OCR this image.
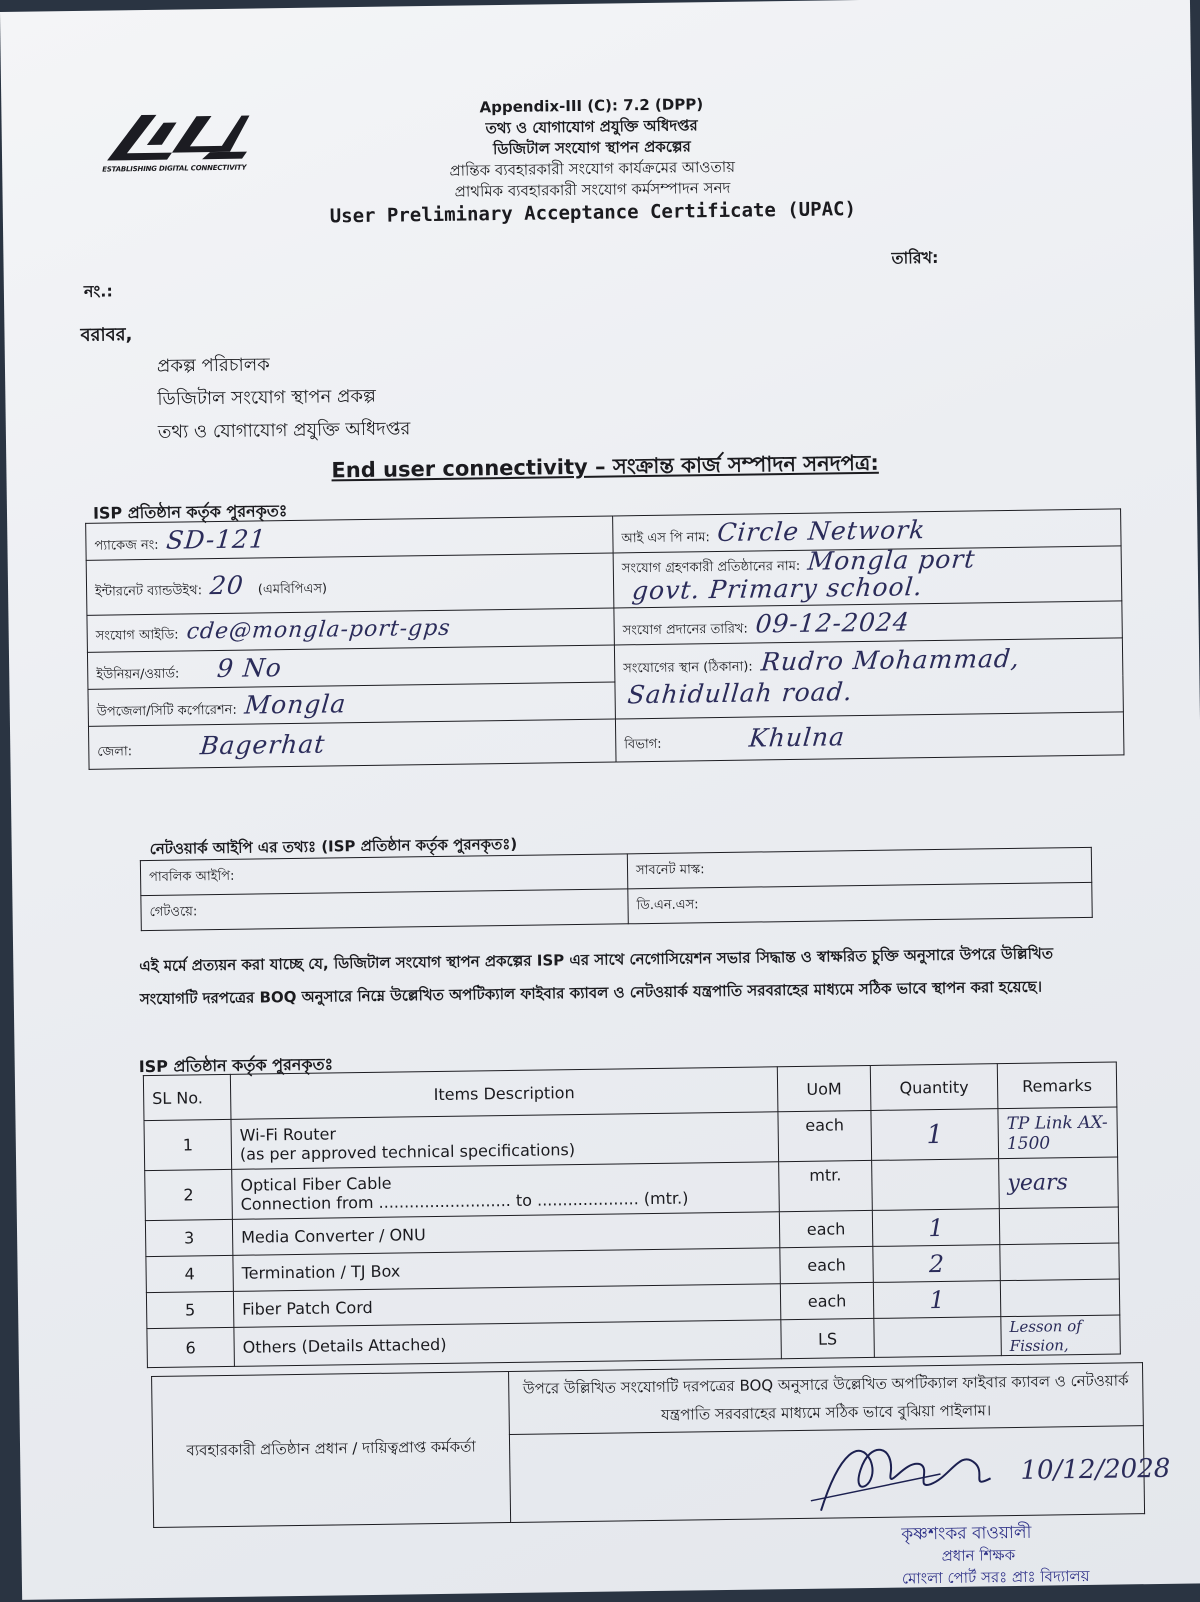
ESTABLISHING DIGITAL CONNECTIVITY
Appendix-III (C): 7.2 (DPP)
তথ্য ও যোগাযোগ প্রযুক্তি অধিদপ্তর
ডিজিটাল সংযোগ স্থাপন প্রকল্পের
প্রান্তিক ব্যবহারকারী সংযোগ কার্যক্রমের আওতায়
প্রাথমিক ব্যবহারকারী সংযোগ কর্মসম্পাদন সনদ
User Preliminary Acceptance Certificate (UPAC)
তারিখ:
নং.:
বরাবর,
প্রকল্প পরিচালক
ডিজিটাল সংযোগ স্থাপন প্রকল্প
তথ্য ও যোগাযোগ প্রযুক্তি অধিদপ্তর
End user connectivity – সংক্রান্ত কার্জ সম্পাদন সনদপত্র:
ISP প্রতিষ্ঠান কর্তৃক পুরনকৃতঃ
প্যাকেজ নং: SD-121	আই এস পি নাম: Circle Network
ইন্টারনেট ব্যান্ডউইথ: 20 (এমবিপিএস)	সংযোগ গ্রহণকারী প্রতিষ্ঠানের নাম: Mongla port
govt. Primary school.
সংযোগ আইডি: cde@mongla-port-gps	সংযোগ প্রদানের তারিখ: 09-12-2024
ইউনিয়ন/ওয়ার্ড: 9 No	সংযোগের স্থান (ঠিকানা): Rudro Mohammad,
Sahidullah road.
উপজেলা/সিটি কর্পোরেশন: Mongla	
জেলা: Bagerhat	বিভাগ: Khulna
নেটওয়ার্ক আইপি এর তথ্যঃ (ISP প্রতিষ্ঠান কর্তৃক পুরনকৃতঃ)
পাবলিক আইপি:	সাবনেট মাস্ক:
গেটওয়ে:	ডি.এন.এস:
এই মর্মে প্রত্যয়ন করা যাচ্ছে যে, ডিজিটাল সংযোগ স্থাপন প্রকল্পের ISP এর সাথে নেগোসিয়েশন সভার সিদ্ধান্ত ও স্বাক্ষরিত চুক্তি অনুসারে উপরে উল্লিখিত সংযোগটি দরপত্রের BOQ অনুসারে নিম্নে উল্লেখিত অপটিক্যাল ফাইবার ক্যাবল ও নেটওয়ার্ক যন্ত্রপাতি সরবরাহের মাধ্যমে সঠিক ভাবে স্থাপন করা হয়েছে।
ISP প্রতিষ্ঠান কর্তৃক পুরনকৃতঃ
SL No.	Items Description	UoM	Quantity	Remarks
1	Wi-Fi Router
(as per approved technical specifications)	each	1	TP Link AX-1500

2	Optical Fiber Cable
Connection from .......................... to .................... (mtr.)	mtr.		years
3	Media Converter / ONU	each	1	
4	Termination / TJ Box	each	2	
5	Fiber Patch Cord	each	1	
6	Others (Details Attached)	LS		Lesson of Fission,
ব্যবহারকারী প্রতিষ্ঠান প্রধান / দায়িত্বপ্রাপ্ত কর্মকর্তা	উপরে উল্লিখিত সংযোগটি দরপত্রের BOQ অনুসারে উল্লেখিত অপটিক্যাল ফাইবার ক্যাবল ও নেটওয়ার্ক যন্ত্রপাতি সরবরাহের মাধ্যমে সঠিক ভাবে বুঝিয়া পাইলাম।

10/12/2028
কৃষ্ণশংকর বাওয়ালী
প্রধান শিক্ষক
মোংলা পোর্ট সরঃ প্রাঃ বিদ্যালয়
